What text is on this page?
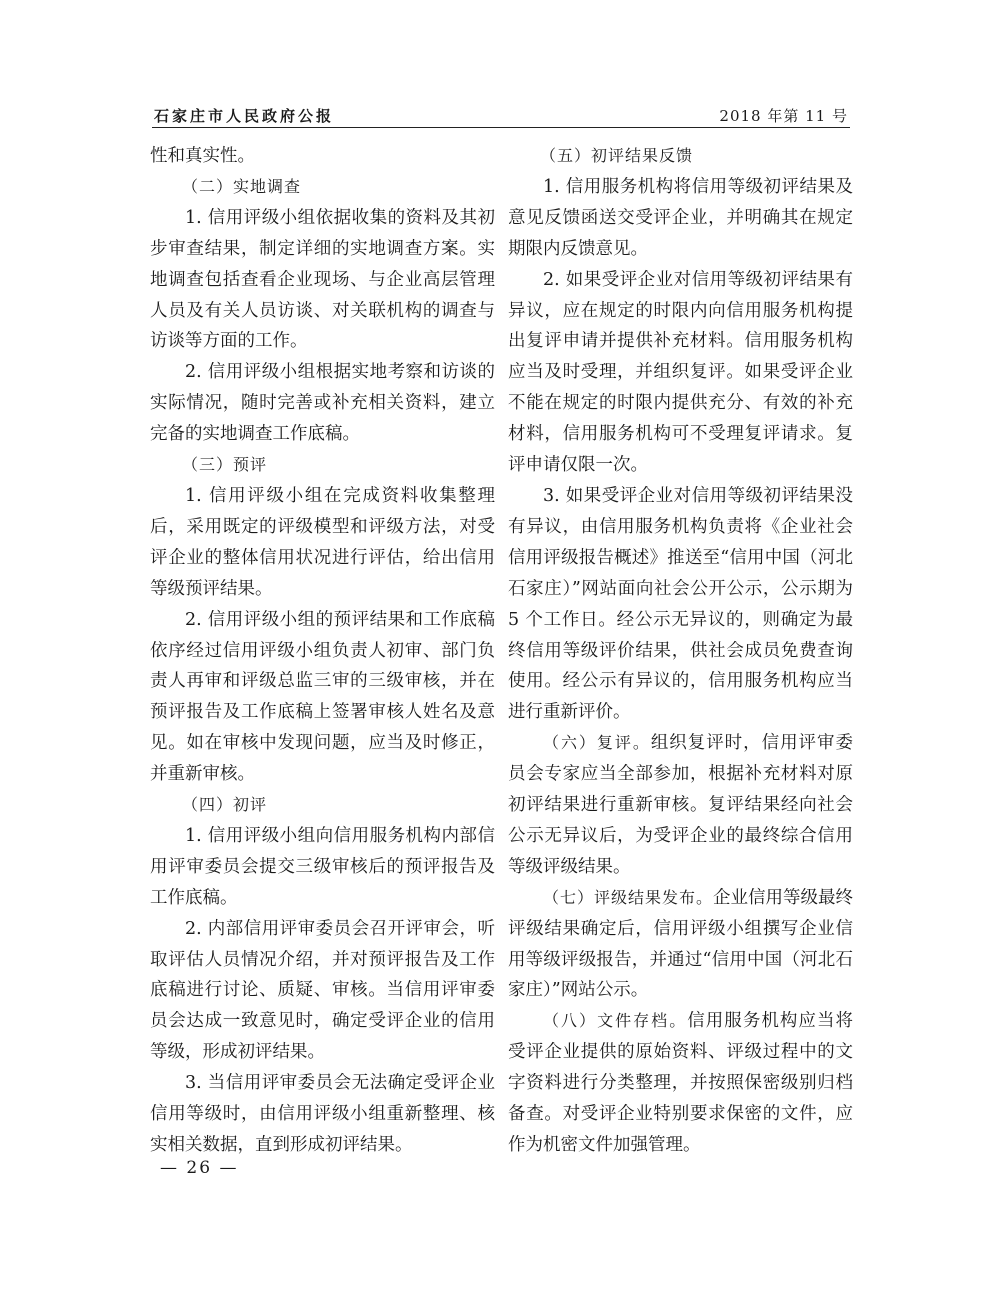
石家庄市人民政府公报	2018 年第 11 号

性和真实性。

（二）实地调查

1. 信用评级小组依据收集的资料及其初步审查结果，制定详细的实地调查方案。实地调查包括查看企业现场、与企业高层管理人员及有关人员访谈、对关联机构的调查与访谈等方面的工作。

2. 信用评级小组根据实地考察和访谈的实际情况，随时完善或补充相关资料，建立完备的实地调查工作底稿。

（三）预评

1. 信用评级小组在完成资料收集整理后，采用既定的评级模型和评级方法，对受评企业的整体信用状况进行评估，给出信用等级预评结果。

2. 信用评级小组的预评结果和工作底稿依序经过信用评级小组负责人初审、部门负责人再审和评级总监三审的三级审核，并在预评报告及工作底稿上签署审核人姓名及意见。如在审核中发现问题，应当及时修正，并重新审核。

（四）初评

1. 信用评级小组向信用服务机构内部信用评审委员会提交三级审核后的预评报告及工作底稿。

2. 内部信用评审委员会召开评审会，听取评估人员情况介绍，并对预评报告及工作底稿进行讨论、质疑、审核。当信用评审委员会达成一致意见时，确定受评企业的信用等级，形成初评结果。

3. 当信用评审委员会无法确定受评企业信用等级时，由信用评级小组重新整理、核实相关数据，直到形成初评结果。

（五）初评结果反馈

1. 信用服务机构将信用等级初评结果及意见反馈函送交受评企业，并明确其在规定期限内反馈意见。

2. 如果受评企业对信用等级初评结果有异议，应在规定的时限内向信用服务机构提出复评申请并提供补充材料。信用服务机构应当及时受理，并组织复评。如果受评企业不能在规定的时限内提供充分、有效的补充材料，信用服务机构可不受理复评请求。复评申请仅限一次。

3. 如果受评企业对信用等级初评结果没有异议，由信用服务机构负责将《企业社会信用评级报告概述》推送至“信用中国（河北石家庄）”网站面向社会公开公示，公示期为 5 个工作日。经公示无异议的，则确定为最终信用等级评价结果，供社会成员免费查询使用。经公示有异议的，信用服务机构应当进行重新评价。

（六）复评。组织复评时，信用评审委员会专家应当全部参加，根据补充材料对原初评结果进行重新审核。复评结果经向社会公示无异议后，为受评企业的最终综合信用等级评级结果。

（七）评级结果发布。企业信用等级最终评级结果确定后，信用评级小组撰写企业信用等级评级报告，并通过“信用中国（河北石家庄）”网站公示。

（八）文件存档。信用服务机构应当将受评企业提供的原始资料、评级过程中的文字资料进行分类整理，并按照保密级别归档备查。对受评企业特别要求保密的文件，应作为机密文件加强管理。

— 26 —
